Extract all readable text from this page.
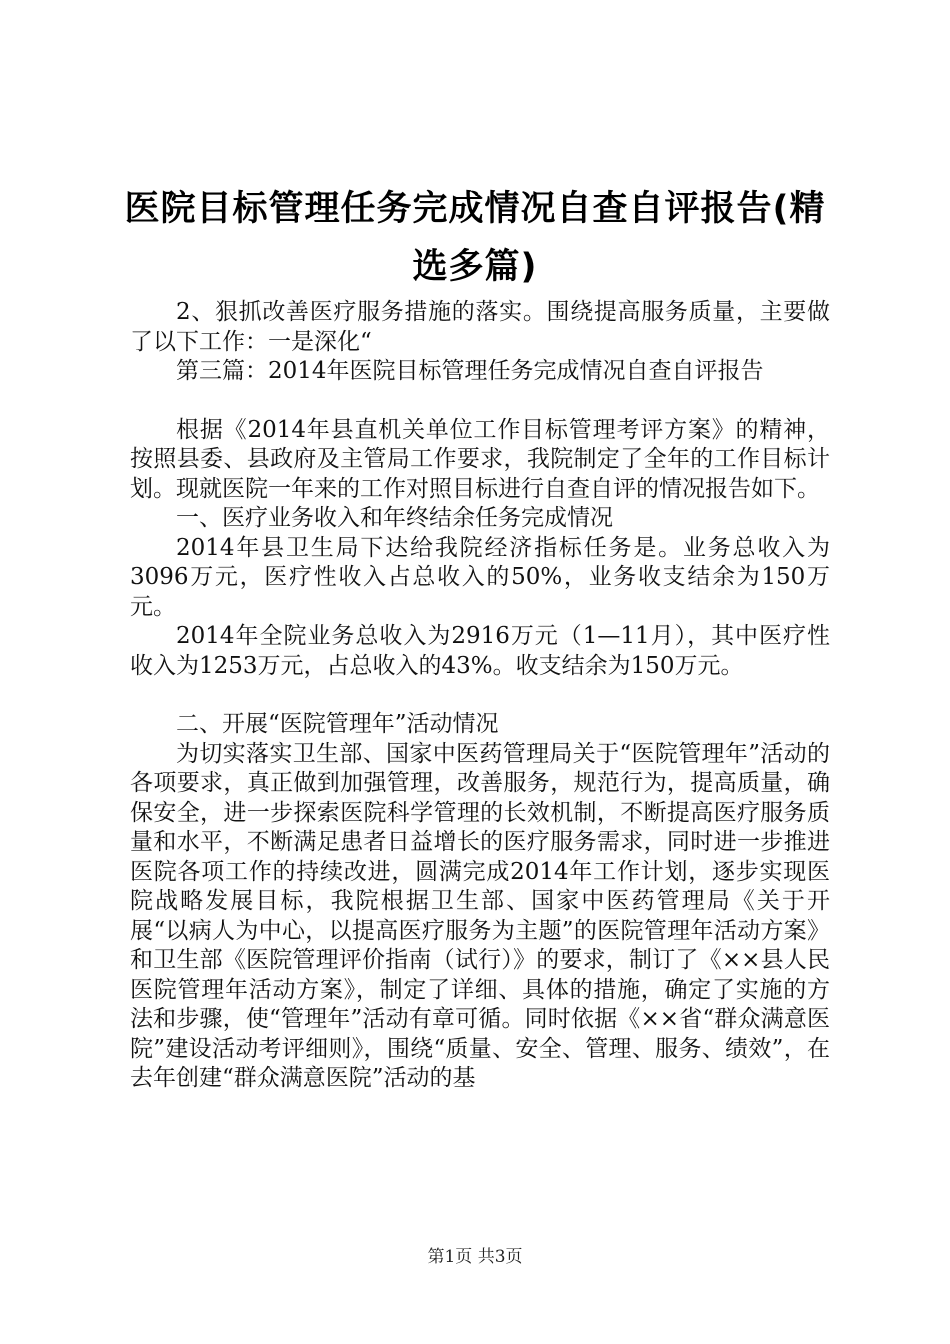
医院目标管理任务完成情况自查自评报告(精选多篇)

2、狠抓改善医疗服务措施的落实。围绕提高服务质量，主要做了以下工作：一是深化“

第三篇：2014年医院目标管理任务完成情况自查自评报告

根据《2014年县直机关单位工作目标管理考评方案》的精神，按照县委、县政府及主管局工作要求，我院制定了全年的工作目标计划。现就医院一年来的工作对照目标进行自查自评的情况报告如下。

一、医疗业务收入和年终结余任务完成情况

2014年县卫生局下达给我院经济指标任务是。业务总收入为3096万元，医疗性收入占总收入的50%，业务收支结余为150万元。

2014年全院业务总收入为2916万元（1—11月），其中医疗性收入为1253万元，占总收入的43%。收支结余为150万元。

二、开展“医院管理年”活动情况

为切实落实卫生部、国家中医药管理局关于“医院管理年”活动的各项要求，真正做到加强管理，改善服务，规范行为，提高质量，确保安全，进一步探索医院科学管理的长效机制，不断提高医疗服务质量和水平，不断满足患者日益增长的医疗服务需求，同时进一步推进医院各项工作的持续改进，圆满完成2014年工作计划，逐步实现医院战略发展目标，我院根据卫生部、国家中医药管理局《关于开展“以病人为中心，以提高医疗服务为主题”的医院管理年活动方案》和卫生部《医院管理评价指南（试行）》的要求，制订了《××县人民医院管理年活动方案》，制定了详细、具体的措施，确定了实施的方法和步骤，使“管理年”活动有章可循。同时依据《××省“群众满意医院”建设活动考评细则》，围绕“质量、安全、管理、服务、绩效”，在去年创建“群众满意医院”活动的基

第1页 共3页
